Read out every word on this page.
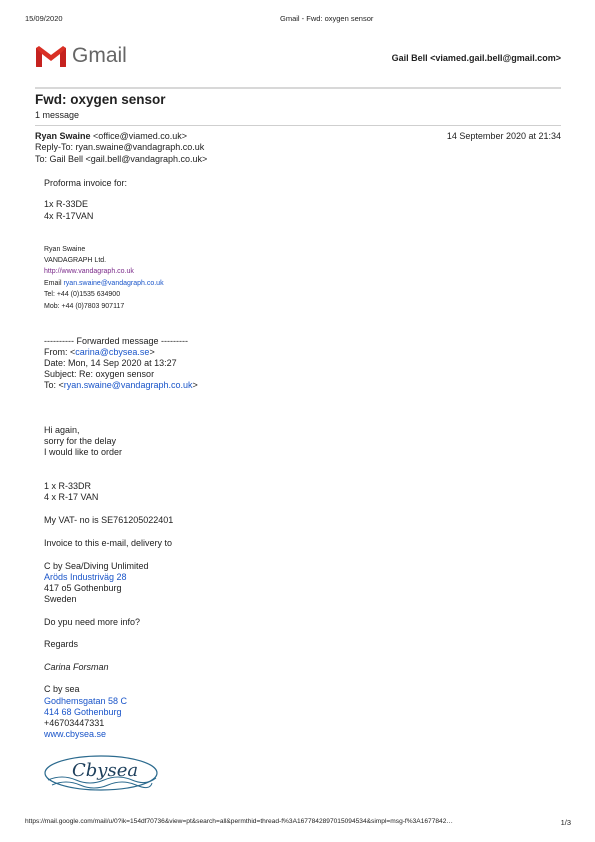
15/09/2020	Gmail - Fwd: oxygen sensor
Gmail	Gail Bell <viamed.gail.bell@gmail.com>
Fwd: oxygen sensor
1 message
Ryan Swaine <office@viamed.co.uk>	14 September 2020 at 21:34
Reply-To: ryan.swaine@vandagraph.co.uk
To: Gail Bell <gail.bell@vandagraph.co.uk>
Proforma invoice for:
1x R-33DE
4x R-17VAN
Ryan Swaine
VANDAGRAPH Ltd.
http://www.vandagraph.co.uk
Email ryan.swaine@vandagraph.co.uk
Tel: +44 (0)1535 634900
Mob: +44 (0)7803 907117
---------- Forwarded message ---------
From: <carina@cbysea.se>
Date: Mon, 14 Sep 2020 at 13:27
Subject: Re: oxygen sensor
To: <ryan.swaine@vandagraph.co.uk>
Hi again,
sorry for the delay
I would like to order
1 x R-33DR
4 x R-17 VAN
My VAT- no is SE761205022401
Invoice to this e-mail, delivery to
C by Sea/Diving Unlimited
Aröds Industriväg 28
417 o5 Gothenburg
Sweden
Do ypu need more info?
Regards
Carina Forsman
C by sea
Godhemsgatan 58 C
414 68 Gothenburg
+46703447331
www.cbysea.se
Cbysea
https://mail.google.com/mail/u/0?ik=154df70736&view=pt&search=all&permthid=thread-f%3A1677842897015094534&simpl=msg-f%3A1677842…	1/3
